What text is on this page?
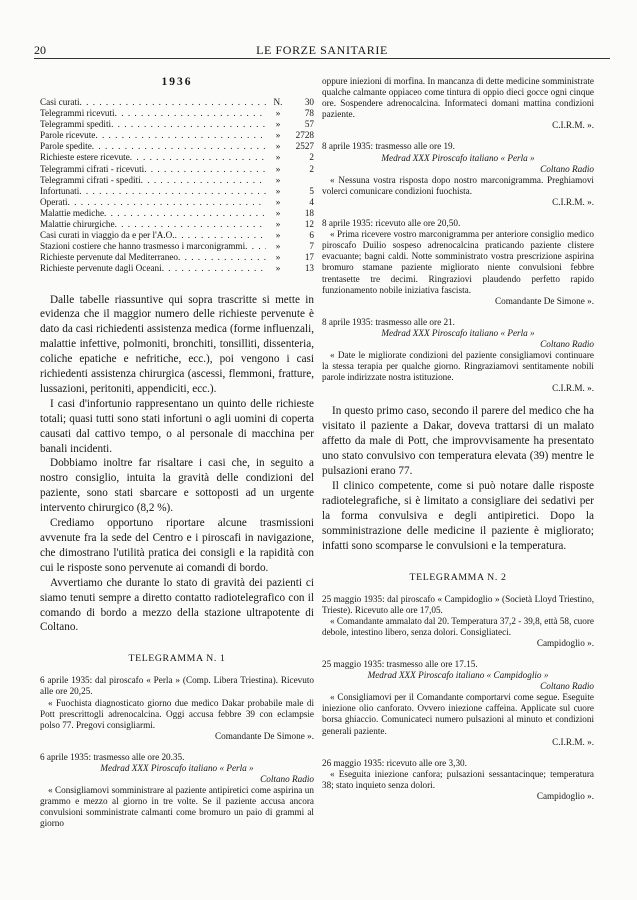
20	LE FORZE SANITARIE
1936
Casi curati . . .	N.	30
Telegrammi ricevuti . . .	»	78
Telegrammi spediti . . .	»	57
Parole ricevute . . .	»	2728
Parole spedite . . .	»	2527
Richieste estere ricevute . . .	»	2
Telegrammi cifrati - ricevuti . . .	»	2
Telegrammi cifrati - spediti . . .	»
Infortunati . . .	»	5
Operati . . .	»	4
Malattie mediche . . .	»	18
Malattie chirurgiche . . .	»	12
Casi curati in viaggio da e per l'A.O. . . .	»	6
Stazioni costiere che hanno trasmesso i marconigrammi . . .	»	7
Richieste pervenute dal Mediterraneo . . .	»	17
Richieste pervenute dagli Oceani . . .	»	13

Dalle tabelle riassuntive qui sopra trascritte si mette in evidenza che il maggior numero delle richieste pervenute è dato da casi richiedenti assistenza medica (forme influenzali, malattie infettive, polmoniti, bronchiti, tonsilliti, dissenteria, coliche epatiche e nefritiche, ecc.), poi vengono i casi richiedenti assistenza chirurgica (ascessi, flemmoni, fratture, lussazioni, peritoniti, appendiciti, ecc.).

I casi d'infortunio rappresentano un quinto delle richieste totali; quasi tutti sono stati infortuni o agli uomini di coperta causati dal cattivo tempo, o al personale di macchina per banali incidenti.

Dobbiamo inoltre far risaltare i casi che, in seguito a nostro consiglio, intuita la gravità delle condizioni del paziente, sono stati sbarcare e sottoposti ad un urgente intervento chirurgico (8,2 %).

Crediamo opportuno riportare alcune trasmissioni avvenute fra la sede del Centro e i piroscafi in navigazione, che dimostrano l'utilità pratica dei consigli e la rapidità con cui le risposte sono pervenute ai comandi di bordo.

Avvertiamo che durante lo stato di gravità dei pazienti ci siamo tenuti sempre a diretto contatto radiotelegrafico con il comando di bordo a mezzo della stazione ultrapotente di Coltano.

TELEGRAMMA N. 1

6 aprile 1935: dal piroscafo « Perla » (Comp. Libera Triestina). Ricevuto alle ore 20,25.

« Fuochista diagnosticato giorno due medico Dakar probabile male di Pott prescrittogli adrenocalcina. Oggi accusa febbre 39 con eclampsie polso 77. Pregovi consigliarmi.

Comandante De Simone ».

6 aprile 1935: trasmesso alle ore 20.35.

Medrad XXX Piroscafo italiano « Perla »

Coltano Radio

« Consigliamovi somministrare al paziente antipiretici come aspirina un grammo e mezzo al giorno in tre volte. Se il paziente accusa ancora convulsioni somministrate calmanti come bromuro un paio di grammi al giorno

oppure iniezioni di morfina. In mancanza di dette medicine somministrate qualche calmante oppiaceo come tintura di oppio dieci gocce ogni cinque ore. Sospendere adrenocalcina. Informateci domani mattina condizioni paziente.

C.I.R.M. ».

8 aprile 1935: trasmesso alle ore 19.

Medrad XXX Piroscafo italiano « Perla »

Coltano Radio

« Nessuna vostra risposta dopo nostro marconigramma. Preghiamovi volerci comunicare condizioni fuochista.

C.I.R.M. ».

8 aprile 1935: ricevuto alle ore 20,50.

« Prima ricevere vostro marconigramma per anteriore consiglio medico piroscafo Duilio sospeso adrenocalcina praticando paziente clistere evacuante; bagni caldi. Notte somministrato vostra prescrizione aspirina bromuro stamane paziente migliorato niente convulsioni febbre trentasette tre decimi. Ringraziovi plaudendo perfetto rapido funzionamento nobile iniziativa fascista.

Comandante De Simone ».

8 aprile 1935: trasmesso alle ore 21.

Medrad XXX Piroscafo italiano « Perla »

Coltano Radio

« Date le migliorate condizioni del paziente consigliamovi continuare la stessa terapia per qualche giorno. Ringraziamovi sentitamente nobili parole indirizzate nostra istituzione.

C.I.R.M. ».

In questo primo caso, secondo il parere del medico che ha visitato il paziente a Dakar, doveva trattarsi di un malato affetto da male di Pott, che improvvisamente ha presentato uno stato convulsivo con temperatura elevata (39) mentre le pulsazioni erano 77.

Il clinico competente, come si può notare dalle risposte radiotelegrafiche, si è limitato a consigliare dei sedativi per la forma convulsiva e degli antipiretici. Dopo la somministrazione delle medicine il paziente è migliorato; infatti sono scomparse le convulsioni e la temperatura.

TELEGRAMMA N. 2

25 maggio 1935: dal piroscafo « Campidoglio » (Società Lloyd Triestino, Trieste). Ricevuto alle ore 17,05.

« Comandante ammalato dal 20. Temperatura 37,2 - 39,8, ettà 58, cuore debole, intestino libero, senza dolori. Consigliateci.

Campidoglio ».

25 maggio 1935: trasmesso alle ore 17.15.

Medrad XXX Piroscafo italiano « Campidoglio »

Coltano Radio

« Consigliamovi per il Comandante comportarvi come segue. Eseguite iniezione olio canforato. Ovvero iniezione caffeina. Applicate sul cuore borsa ghiaccio. Comunicateci numero pulsazioni al minuto et condizioni generali paziente.

C.I.R.M. ».

26 maggio 1935: ricevuto alle ore 3,30.

« Eseguita iniezione canfora; pulsazioni sessantacinque; temperatura 38; stato inquieto senza dolori.

Campidoglio ».
